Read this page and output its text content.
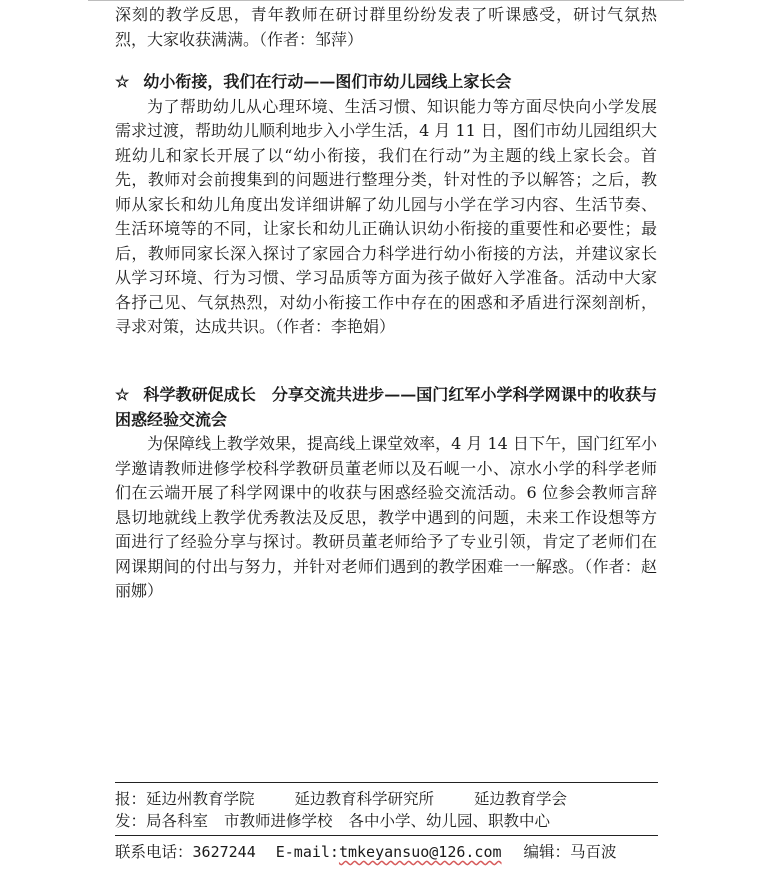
深刻的教学反思，青年教师在研讨群里纷纷发表了听课感受，研讨气氛热烈，大家收获满满。（作者：邹萍）

☆ 幼小衔接，我们在行动——图们市幼儿园线上家长会

为了帮助幼儿从心理环境、生活习惯、知识能力等方面尽快向小学发展需求过渡，帮助幼儿顺利地步入小学生活，4 月 11 日，图们市幼儿园组织大班幼儿和家长开展了以“幼小衔接，我们在行动”为主题的线上家长会。首先，教师对会前搜集到的问题进行整理分类，针对性的予以解答；之后，教师从家长和幼儿角度出发详细讲解了幼儿园与小学在学习内容、生活节奏、生活环境等的不同，让家长和幼儿正确认识幼小衔接的重要性和必要性；最后，教师同家长深入探讨了家园合力科学进行幼小衔接的方法，并建议家长从学习环境、行为习惯、学习品质等方面为孩子做好入学准备。活动中大家各抒己见、气氛热烈，对幼小衔接工作中存在的困惑和矛盾进行深刻剖析，寻求对策，达成共识。（作者：李艳娟）

☆ 科学教研促成长　分享交流共进步——国门红军小学科学网课中的收获与困惑经验交流会

为保障线上教学效果，提高线上课堂效率，4 月 14 日下午，国门红军小学邀请教师进修学校科学教研员董老师以及石岘一小、凉水小学的科学老师们在云端开展了科学网课中的收获与困惑经验交流活动。6 位参会教师言辞恳切地就线上教学优秀教法及反思，教学中遇到的问题，未来工作设想等方面进行了经验分享与探讨。教研员董老师给予了专业引领，肯定了老师们在网课期间的付出与努力，并针对老师们遇到的教学困难一一解惑。（作者：赵丽娜）

报：延边州教育学院	延边教育科学研究所	延边教育学会
发：局各科室 市教师进修学校 各中小学、幼儿园、职教中心
联系电话：3627244 E-mail:tmkeyansuo@126.com 编辑：马百波
